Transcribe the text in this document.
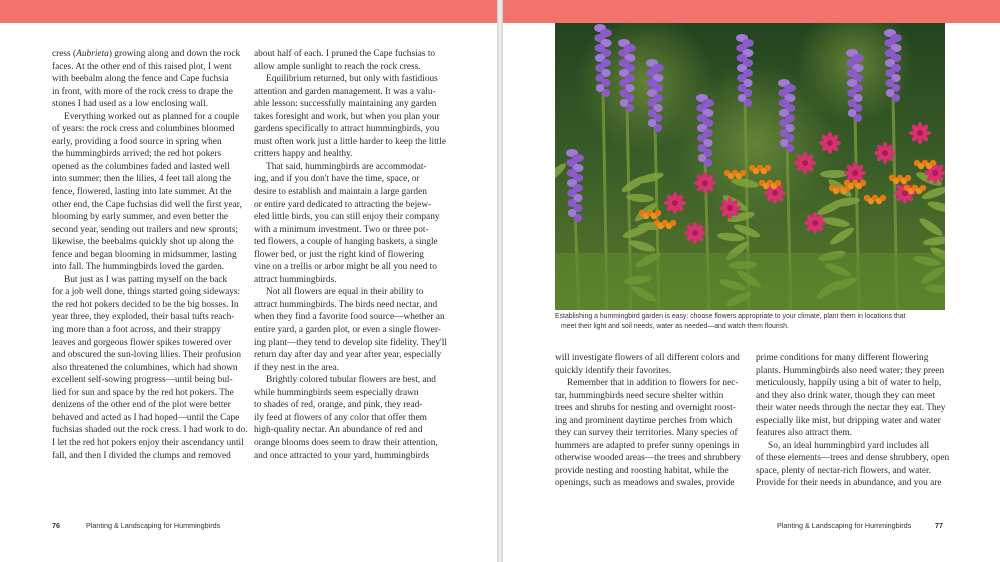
cress (Aubrieta) growing along and down the rock
faces. At the other end of this raised plot, I went
with beebalm along the fence and Cape fuchsia
in front, with more of the rock cress to drape the
stones I had used as a low enclosing wall.

Everything worked out as planned for a couple
of years: the rock cress and columbines bloomed
early, providing a food source in spring when
the hummingbirds arrived; the red hot pokers
opened as the columbines faded and lasted well
into summer; then the lilies, 4 feet tall along the
fence, flowered, lasting into late summer. At the
other end, the Cape fuchsias did well the first year,
blooming by early summer, and even better the
second year, sending out trailers and new sprouts;
likewise, the beebalms quickly shot up along the
fence and began blooming in midsummer, lasting
into fall. The hummingbirds loved the garden.

But just as I was patting myself on the back
for a job well done, things started going sideways:
the red hot pokers decided to be the big bosses. In
year three, they exploded, their basal tufts reach-
ing more than a foot across, and their strappy
leaves and gorgeous flower spikes towered over
and obscured the sun-loving lilies. Their profusion
also threatened the columbines, which had shown
excellent self-sowing progress—until being bul-
lied for sun and space by the red hot pokers. The
denizens of the other end of the plot were better
behaved and acted as I had hoped—until the Cape
fuchsias shaded out the rock cress. I had work to do.
I let the red hot pokers enjoy their ascendancy until
fall, and then I divided the clumps and removed

about half of each. I pruned the Cape fuchsias to
allow ample sunlight to reach the rock cress.

Equilibrium returned, but only with fastidious
attention and garden management. It was a valu-
able lesson: successfully maintaining any garden
takes foresight and work, but when you plan your
gardens specifically to attract hummingbirds, you
must often work just a little harder to keep the little
critters happy and healthy.

That said, hummingbirds are accommodat-
ing, and if you don't have the time, space, or
desire to establish and maintain a large garden
or entire yard dedicated to attracting the bejew-
eled little birds, you can still enjoy their company
with a minimum investment. Two or three pot-
ted flowers, a couple of hanging baskets, a single
flower bed, or just the right kind of flowering
vine on a trellis or arbor might be all you need to
attract hummingbirds.

Not all flowers are equal in their ability to
attract hummingbirds. The birds need nectar, and
when they find a favorite food source—whether an
entire yard, a garden plot, or even a single flower-
ing plant—they tend to develop site fidelity. They'll
return day after day and year after year, especially
if they nest in the area.

Brightly colored tubular flowers are best, and
while hummingbirds seem especially drawn
to shades of red, orange, and pink, they read-
ily feed at flowers of any color that offer them
high-quality nectar. An abundance of red and
orange blooms does seem to draw their attention,
and once attracted to your yard, hummingbirds

76	Planting & Landscaping for Hummingbirds
Establishing a hummingbird garden is easy: choose flowers appropriate to your climate, plant them in locations that
meet their light and soil needs, water as needed—and watch them flourish.

will investigate flowers of all different colors and
quickly identify their favorites.

Remember that in addition to flowers for nec-
tar, hummingbirds need secure shelter within
trees and shrubs for nesting and overnight roost-
ing and prominent daytime perches from which
they can survey their territories. Many species of
hummers are adapted to prefer sunny openings in
otherwise wooded areas—the trees and shrubbery
provide nesting and roosting habitat, while the
openings, such as meadows and swales, provide

prime conditions for many different flowering
plants. Hummingbirds also need water; they preen
meticulously, happily using a bit of water to help,
and they also drink water, though they can meet
their water needs through the nectar they eat. They
especially like mist, but dripping water and water
features also attract them.

So, an ideal hummingbird yard includes all
of these elements—trees and dense shrubbery, open
space, plenty of nectar-rich flowers, and water.
Provide for their needs in abundance, and you are

Planting & Landscaping for Hummingbirds	77
